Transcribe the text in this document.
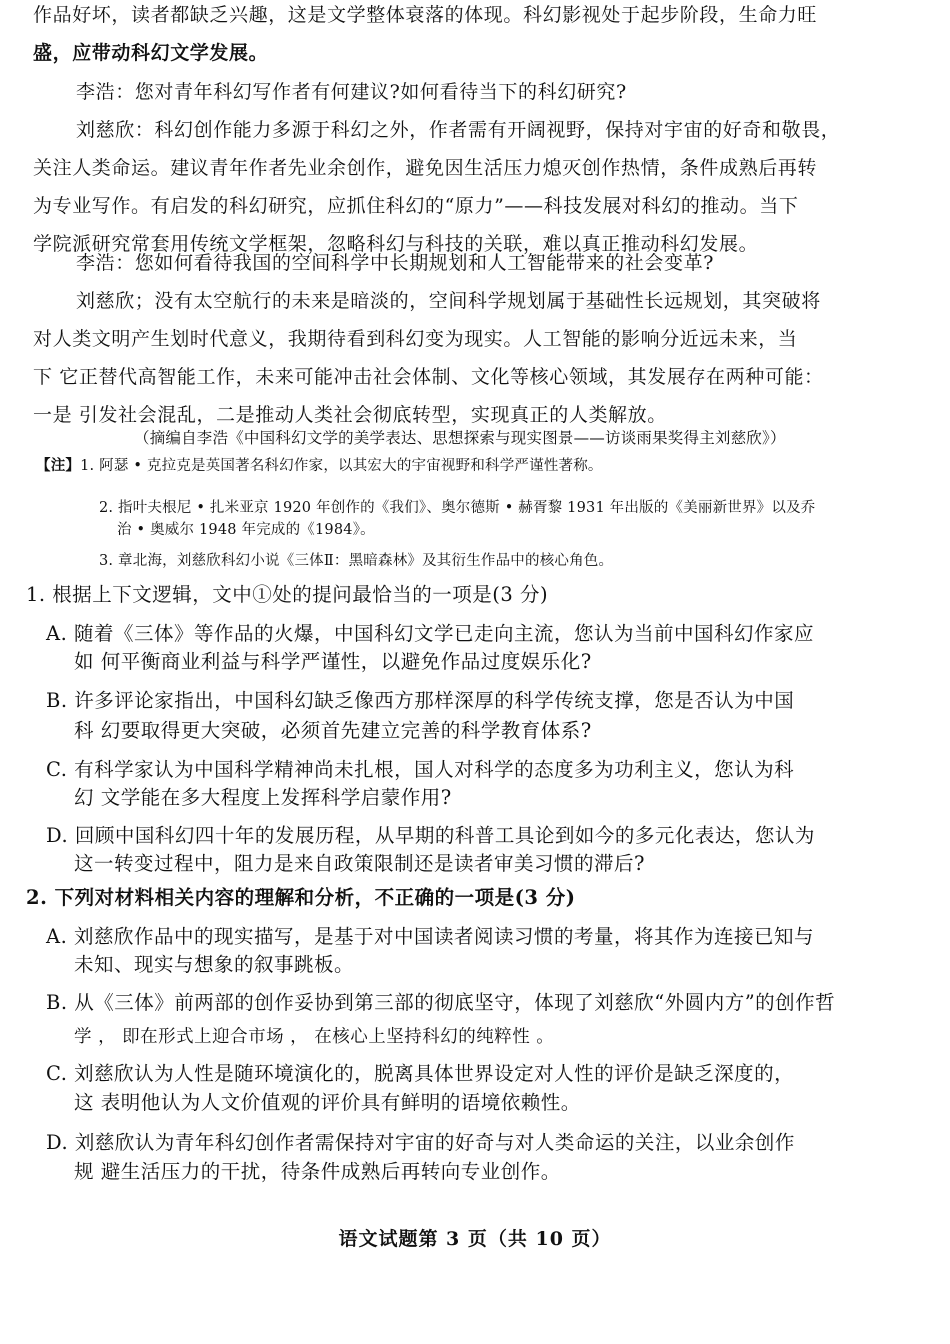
作品好坏，读者都缺乏兴趣，这是文学整体衰落的体现。科幻影视处于起步阶段，生命力旺
盛，应带动科幻文学发展。
李浩：您对青年科幻写作者有何建议?如何看待当下的科幻研究?
刘慈欣：科幻创作能力多源于科幻之外，作者需有开阔视野，保持对宇宙的好奇和敬畏，
关注人类命运。建议青年作者先业余创作，避免因生活压力熄灭创作热情，条件成熟后再转
为专业写作。有启发的科幻研究，应抓住科幻的“原力”——科技发展对科幻的推动。当下
学院派研究常套用传统文学框架，忽略科幻与科技的关联，难以真正推动科幻发展。
李浩：您如何看待我国的空间科学中长期规划和人工智能带来的社会变革?
刘慈欣；没有太空航行的未来是暗淡的，空间科学规划属于基础性长远规划，其突破将
对人类文明产生划时代意义，我期待看到科幻变为现实。人工智能的影响分近远未来，当
下 它正替代高智能工作，未来可能冲击社会体制、文化等核心领域，其发展存在两种可能：
一是 引发社会混乱，二是推动人类社会彻底转型，实现真正的人类解放。
（摘编自李浩《中国科幻文学的美学表达、思想探索与现实图景——访谈雨果奖得主刘慈欣》）
【注】1. 阿瑟 • 克拉克是英国著名科幻作家，以其宏大的宇宙视野和科学严谨性著称。
2. 指叶夫根尼 • 扎米亚京 1920 年创作的《我们》、奥尔德斯 • 赫胥黎 1931 年出版的《美丽新世界》以及乔
治 • 奥威尔 1948 年完成的《1984》。
3. 章北海，刘慈欣科幻小说《三体Ⅱ：黑暗森林》及其衍生作品中的核心角色。
1. 根据上下文逻辑，文中①处的提问最恰当的一项是(3 分)
A. 随着《三体》等作品的火爆，中国科幻文学已走向主流，您认为当前中国科幻作家应
如 何平衡商业利益与科学严谨性，以避免作品过度娱乐化?
B. 许多评论家指出，中国科幻缺乏像西方那样深厚的科学传统支撑，您是否认为中国
科 幻要取得更大突破，必须首先建立完善的科学教育体系?
C. 有科学家认为中国科学精神尚未扎根，国人对科学的态度多为功利主义，您认为科
幻 文学能在多大程度上发挥科学启蒙作用?
D. 回顾中国科幻四十年的发展历程，从早期的科普工具论到如今的多元化表达，您认为
这一转变过程中，阻力是来自政策限制还是读者审美习惯的滞后?
2. 下列对材料相关内容的理解和分析，不正确的一项是(3 分)
A. 刘慈欣作品中的现实描写，是基于对中国读者阅读习惯的考量，将其作为连接已知与
未知、现实与想象的叙事跳板。
B. 从《三体》前两部的创作妥协到第三部的彻底坚守，体现了刘慈欣“外圆内方”的创作哲
学 ， 即在形式上迎合市场 ， 在核心上坚持科幻的纯粹性 。
C. 刘慈欣认为人性是随环境演化的，脱离具体世界设定对人性的评价是缺乏深度的，
这 表明他认为人文价值观的评价具有鲜明的语境依赖性。
D. 刘慈欣认为青年科幻创作者需保持对宇宙的好奇与对人类命运的关注，以业余创作
规 避生活压力的干扰，待条件成熟后再转向专业创作。
语文试题第 3 页（共 10 页）
